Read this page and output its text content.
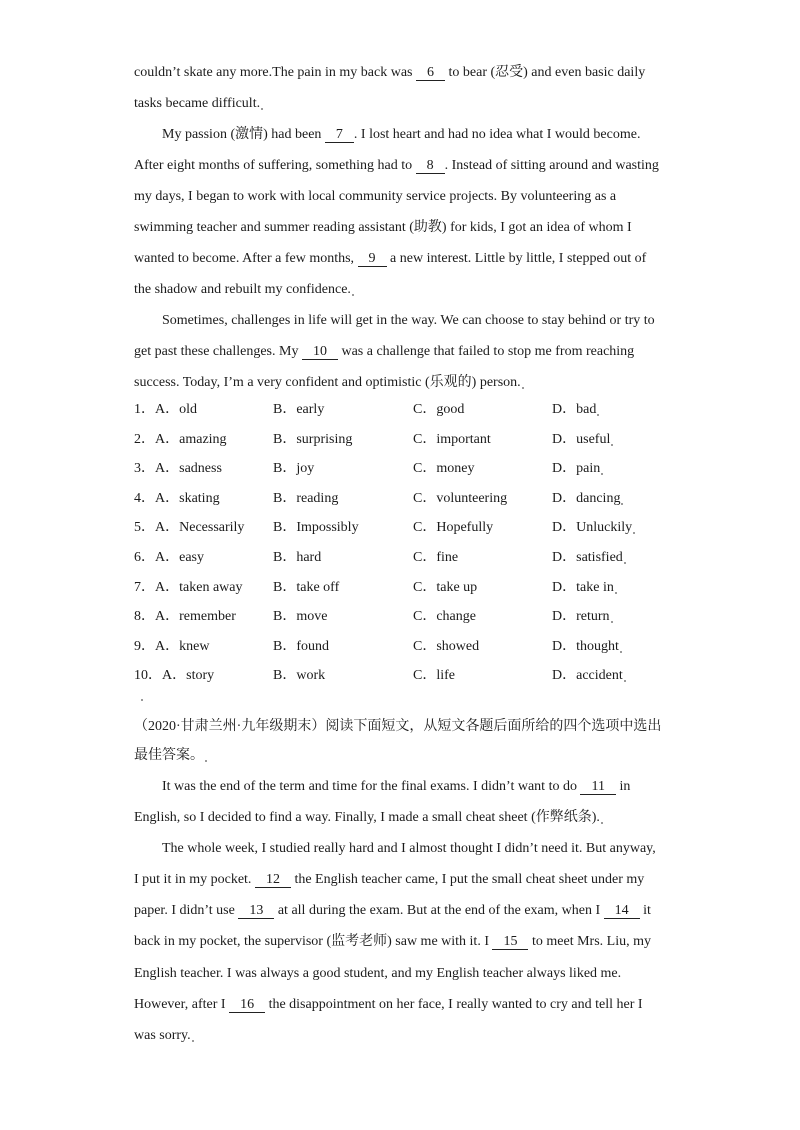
couldn’t skate any more.The pain in my back was 6 to bear (忍受) and even basic daily
tasks became difficult.
My passion (激情) had been 7 . I lost heart and had no idea what I would become.
After eight months of suffering, something had to 8 . Instead of sitting around and wasting
my days, I began to work with local community service projects. By volunteering as a
swimming teacher and summer reading assistant (助教) for kids, I got an idea of whom I
wanted to become. After a few months, 9 a new interest. Little by little, I stepped out of
the shadow and rebuilt my confidence.
Sometimes, challenges in life will get in the way. We can choose to stay behind or try to
get past these challenges. My 10 was a challenge that failed to stop me from reaching
success. Today, I’m a very confident and optimistic (乐观的) person.
1．A．old	B．early	C．good	D．bad
2．A．amazing	B．surprising	C．important	D．useful
3．A．sadness	B．joy	C．money	D．pain
4．A．skating	B．reading	C．volunteering	D．dancing
5．A．Necessarily B．Impossibly	C．Hopefully	D．Unluckily
6．A．easy	B．hard	C．fine	D．satisfied
7．A．taken away B．take off	C．take up	D．take in
8．A．remember	B．move	C．change	D．return
9．A．knew	B．found	C．showed	D．thought
10．A．story	B．work	C．life	D．accident
（2020·甘肃兰州·九年级期末）阅读下面短文，从短文各题后面所给的四个选项中选出
最佳答案。
It was the end of the term and time for the final exams. I didn’t want to do 11 in
English, so I decided to find a way. Finally, I made a small cheat sheet (作弊纸条).
The whole week, I studied really hard and I almost thought I didn’t need it. But anyway,
I put it in my pocket. 12 the English teacher came, I put the small cheat sheet under my
paper. I didn’t use 13 at all during the exam. But at the end of the exam, when I 14 it
back in my pocket, the supervisor (监考老师) saw me with it. I 15 to meet Mrs. Liu, my
English teacher. I was always a good student, and my English teacher always liked me.
However, after I 16 the disappointment on her face, I really wanted to cry and tell her I
was sorry.
